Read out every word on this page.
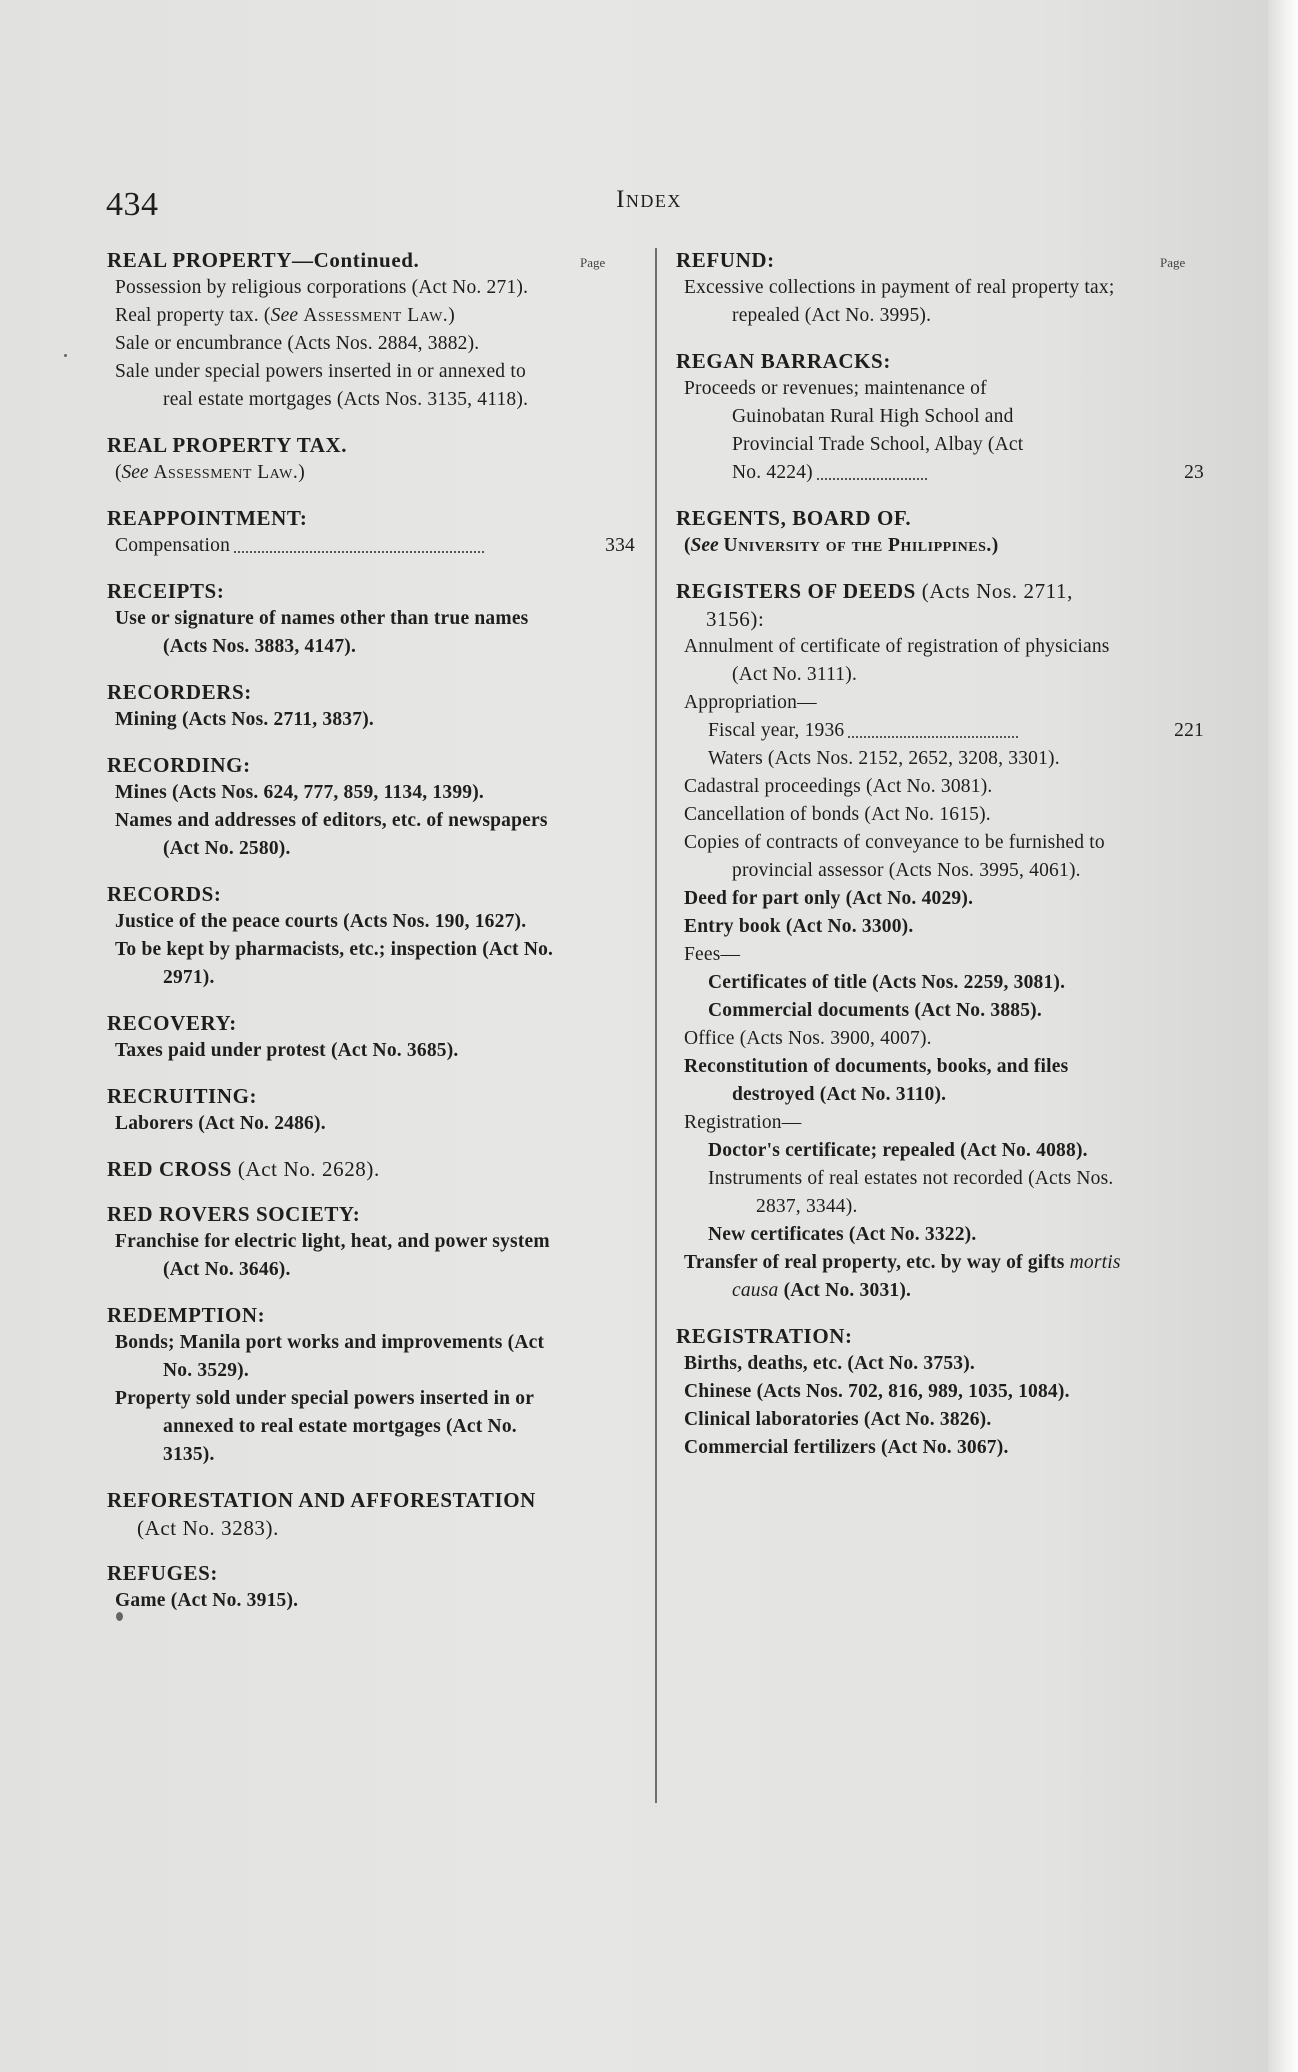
434	Index
Page	Page
REAL PROPERTY—Continued.
Possession by religious corporations (Act No. 271).
Real property tax. (See Assessment Law.)
Sale or encumbrance (Acts Nos. 2884, 3882).
Sale under special powers inserted in or annexed to real estate mortgages (Acts Nos. 3135, 4118).
REAL PROPERTY TAX.
(See Assessment Law.)
REAPPOINTMENT:
Compensation	334
RECEIPTS:
Use or signature of names other than true names (Acts Nos. 3883, 4147).
RECORDERS:
Mining (Acts Nos. 2711, 3837).
RECORDING:
Mines (Acts Nos. 624, 777, 859, 1134, 1399).
Names and addresses of editors, etc. of newspapers (Act No. 2580).
RECORDS:
Justice of the peace courts (Acts Nos. 190, 1627).
To be kept by pharmacists, etc.; inspection (Act No. 2971).
RECOVERY:
Taxes paid under protest (Act No. 3685).
RECRUITING:
Laborers (Act No. 2486).
RED CROSS (Act No. 2628).
RED ROVERS SOCIETY:
Franchise for electric light, heat, and power system (Act No. 3646).
REDEMPTION:
Bonds; Manila port works and improvements (Act No. 3529).
Property sold under special powers inserted in or annexed to real estate mortgages (Act No. 3135).
REFORESTATION AND AFFORESTATION (Act No. 3283).
REFUGES:
Game (Act No. 3915).
REFUND:
Excessive collections in payment of real property tax; repealed (Act No. 3995).
REGAN BARRACKS:
Proceeds or revenues; maintenance of Guinobatan Rural High School and Provincial Trade School, Albay (Act No. 4224)	23
REGENTS, BOARD OF.
(See University of the Philippines.)
REGISTERS OF DEEDS (Acts Nos. 2711, 3156):
Annulment of certificate of registration of physicians (Act No. 3111).
Appropriation—
Fiscal year, 1936	221
Waters (Acts Nos. 2152, 2652, 3208, 3301).
Cadastral proceedings (Act No. 3081).
Cancellation of bonds (Act No. 1615).
Copies of contracts of conveyance to be furnished to provincial assessor (Acts Nos. 3995, 4061).
Deed for part only (Act No. 4029).
Entry book (Act No. 3300).
Fees—
Certificates of title (Acts Nos. 2259, 3081).
Commercial documents (Act No. 3885).
Office (Acts Nos. 3900, 4007).
Reconstitution of documents, books, and files destroyed (Act No. 3110).
Registration—
Doctor's certificate; repealed (Act No. 4088).
Instruments of real estates not recorded (Acts Nos. 2837, 3344).
New certificates (Act No. 3322).
Transfer of real property, etc. by way of gifts mortis causa (Act No. 3031).
REGISTRATION:
Births, deaths, etc. (Act No. 3753).
Chinese (Acts Nos. 702, 816, 989, 1035, 1084).
Clinical laboratories (Act No. 3826).
Commercial fertilizers (Act No. 3067).
